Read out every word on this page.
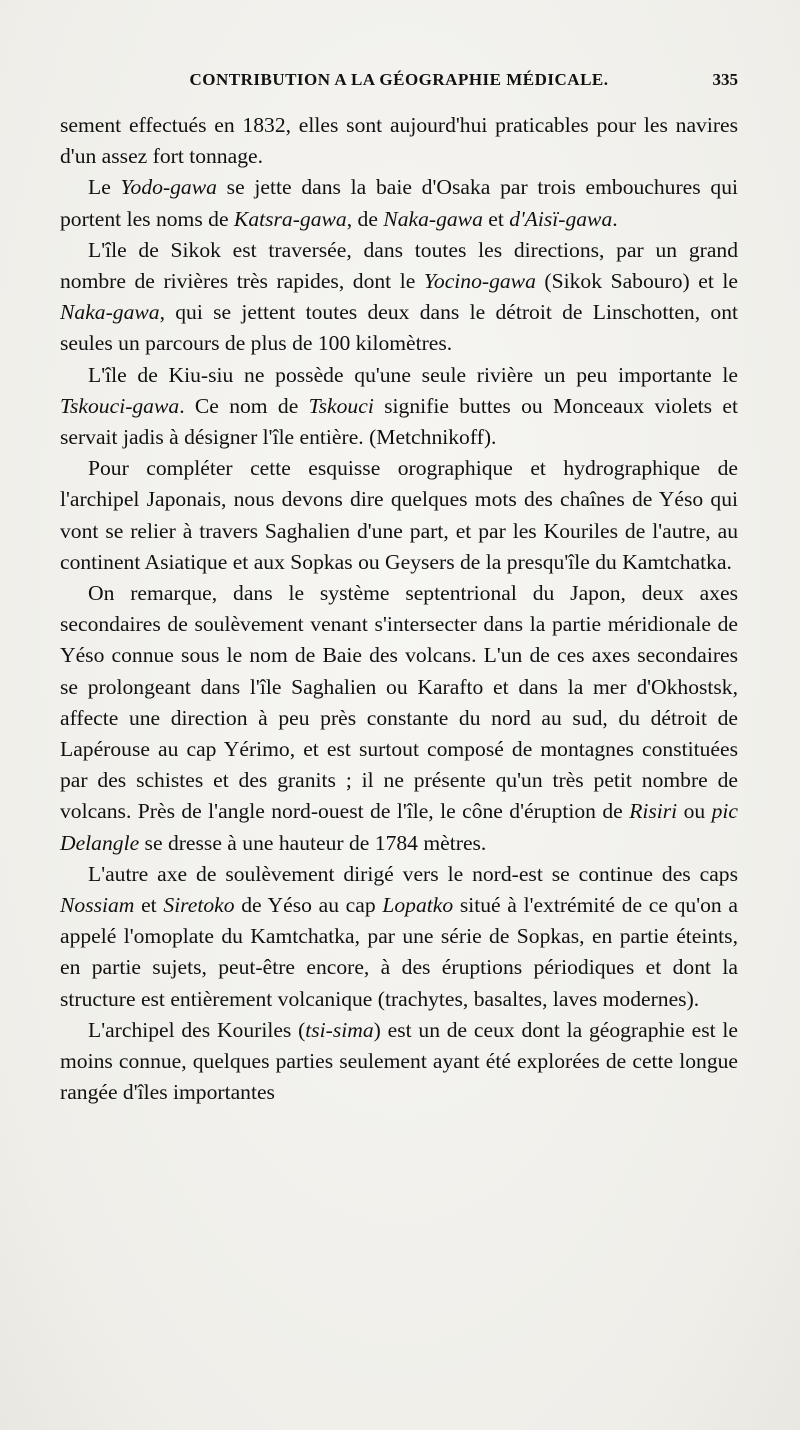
CONTRIBUTION A LA GÉOGRAPHIE MÉDICALE.	335

sement effectués en 1832, elles sont aujourd'hui praticables pour les navires d'un assez fort tonnage.

Le Yodo-gawa se jette dans la baie d'Osaka par trois embouchures qui portent les noms de Katsra-gawa, de Naka-gawa et d'Aisï-gawa.

L'île de Sikok est traversée, dans toutes les directions, par un grand nombre de rivières très rapides, dont le Yocino-gawa (Sikok Sabouro) et le Naka-gawa, qui se jettent toutes deux dans le détroit de Linschotten, ont seules un parcours de plus de 100 kilomètres.

L'île de Kiu-siu ne possède qu'une seule rivière un peu importante le Tskouci-gawa. Ce nom de Tskouci signifie buttes ou Monceaux violets et servait jadis à désigner l'île entière. (Metchnikoff).

Pour compléter cette esquisse orographique et hydrographique de l'archipel Japonais, nous devons dire quelques mots des chaînes de Yéso qui vont se relier à travers Saghalien d'une part, et par les Kouriles de l'autre, au continent Asiatique et aux Sopkas ou Geysers de la presqu'île du Kamtchatka.

On remarque, dans le système septentrional du Japon, deux axes secondaires de soulèvement venant s'intersecter dans la partie méridionale de Yéso connue sous le nom de Baie des volcans. L'un de ces axes secondaires se prolongeant dans l'île Saghalien ou Karafto et dans la mer d'Okhostsk, affecte une direction à peu près constante du nord au sud, du détroit de Lapérouse au cap Yérimo, et est surtout composé de montagnes constituées par des schistes et des granits ; il ne présente qu'un très petit nombre de volcans. Près de l'angle nord-ouest de l'île, le cône d'éruption de Risiri ou pic Delangle se dresse à une hauteur de 1784 mètres.

L'autre axe de soulèvement dirigé vers le nord-est se continue des caps Nossiam et Siretoko de Yéso au cap Lopatko situé à l'extrémité de ce qu'on a appelé l'omoplate du Kamtchatka, par une série de Sopkas, en partie éteints, en partie sujets, peut-être encore, à des éruptions périodiques et dont la structure est entièrement volcanique (trachytes, basaltes, laves modernes).

L'archipel des Kouriles (tsi-sima) est un de ceux dont la géographie est le moins connue, quelques parties seulement ayant été explorées de cette longue rangée d'îles importantes
